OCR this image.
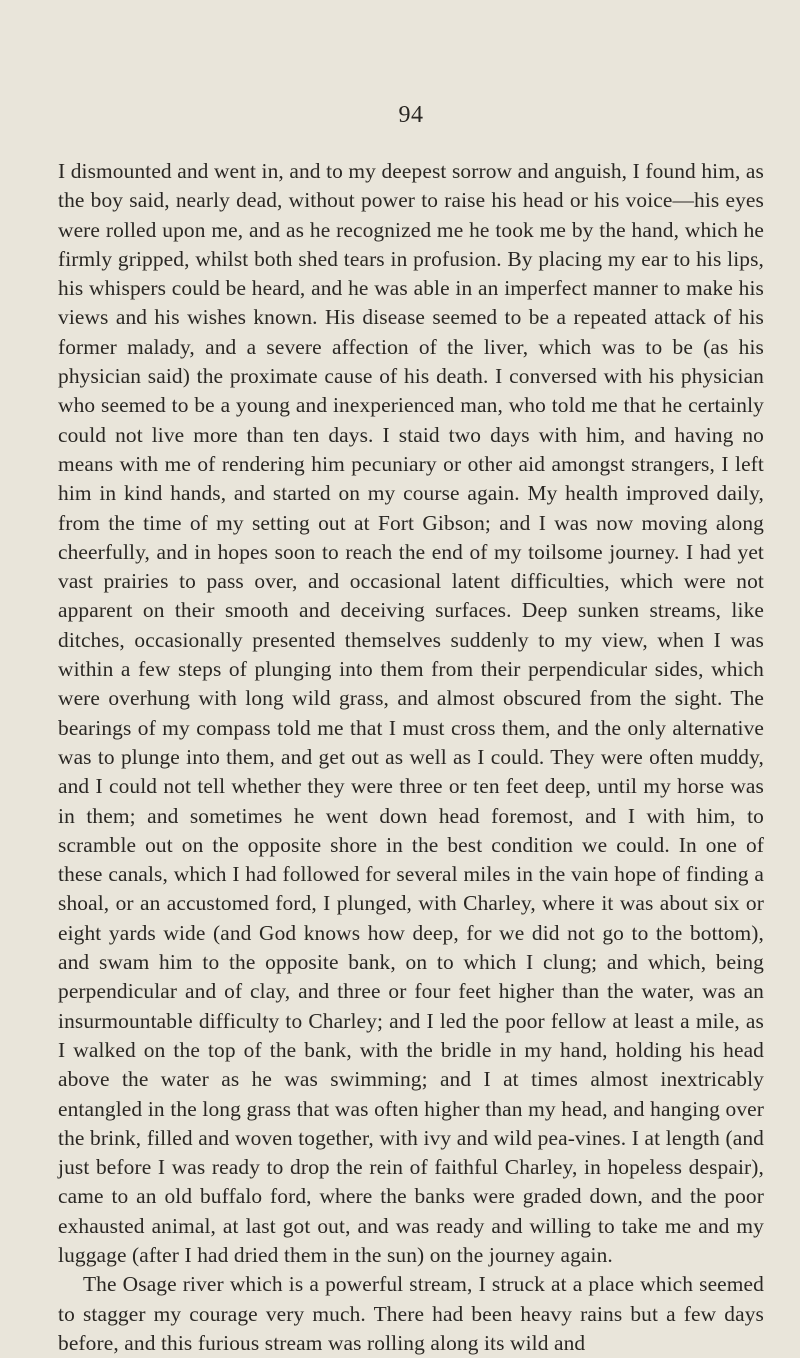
94

I dismounted and went in, and to my deepest sorrow and anguish, I found him, as the boy said, nearly dead, without power to raise his head or his voice—his eyes were rolled upon me, and as he recognized me he took me by the hand, which he firmly gripped, whilst both shed tears in profusion. By placing my ear to his lips, his whispers could be heard, and he was able in an imperfect manner to make his views and his wishes known. His disease seemed to be a repeated attack of his former malady, and a severe affection of the liver, which was to be (as his physician said) the proximate cause of his death. I conversed with his physician who seemed to be a young and inexperienced man, who told me that he certainly could not live more than ten days. I staid two days with him, and having no means with me of rendering him pecuniary or other aid amongst strangers, I left him in kind hands, and started on my course again. My health improved daily, from the time of my setting out at Fort Gibson; and I was now moving along cheerfully, and in hopes soon to reach the end of my toilsome journey. I had yet vast prairies to pass over, and occasional latent difficulties, which were not apparent on their smooth and deceiving surfaces. Deep sunken streams, like ditches, occasionally presented themselves suddenly to my view, when I was within a few steps of plunging into them from their perpendicular sides, which were overhung with long wild grass, and almost obscured from the sight. The bearings of my compass told me that I must cross them, and the only alternative was to plunge into them, and get out as well as I could. They were often muddy, and I could not tell whether they were three or ten feet deep, until my horse was in them; and sometimes he went down head foremost, and I with him, to scramble out on the opposite shore in the best condition we could. In one of these canals, which I had followed for several miles in the vain hope of finding a shoal, or an accustomed ford, I plunged, with Charley, where it was about six or eight yards wide (and God knows how deep, for we did not go to the bottom), and swam him to the opposite bank, on to which I clung; and which, being perpendicular and of clay, and three or four feet higher than the water, was an insurmountable difficulty to Charley; and I led the poor fellow at least a mile, as I walked on the top of the bank, with the bridle in my hand, holding his head above the water as he was swimming; and I at times almost inextricably entangled in the long grass that was often higher than my head, and hanging over the brink, filled and woven together, with ivy and wild pea-vines. I at length (and just before I was ready to drop the rein of faithful Charley, in hopeless despair), came to an old buffalo ford, where the banks were graded down, and the poor exhausted animal, at last got out, and was ready and willing to take me and my luggage (after I had dried them in the sun) on the journey again.

The Osage river which is a powerful stream, I struck at a place which seemed to stagger my courage very much. There had been heavy rains but a few days before, and this furious stream was rolling along its wild and
